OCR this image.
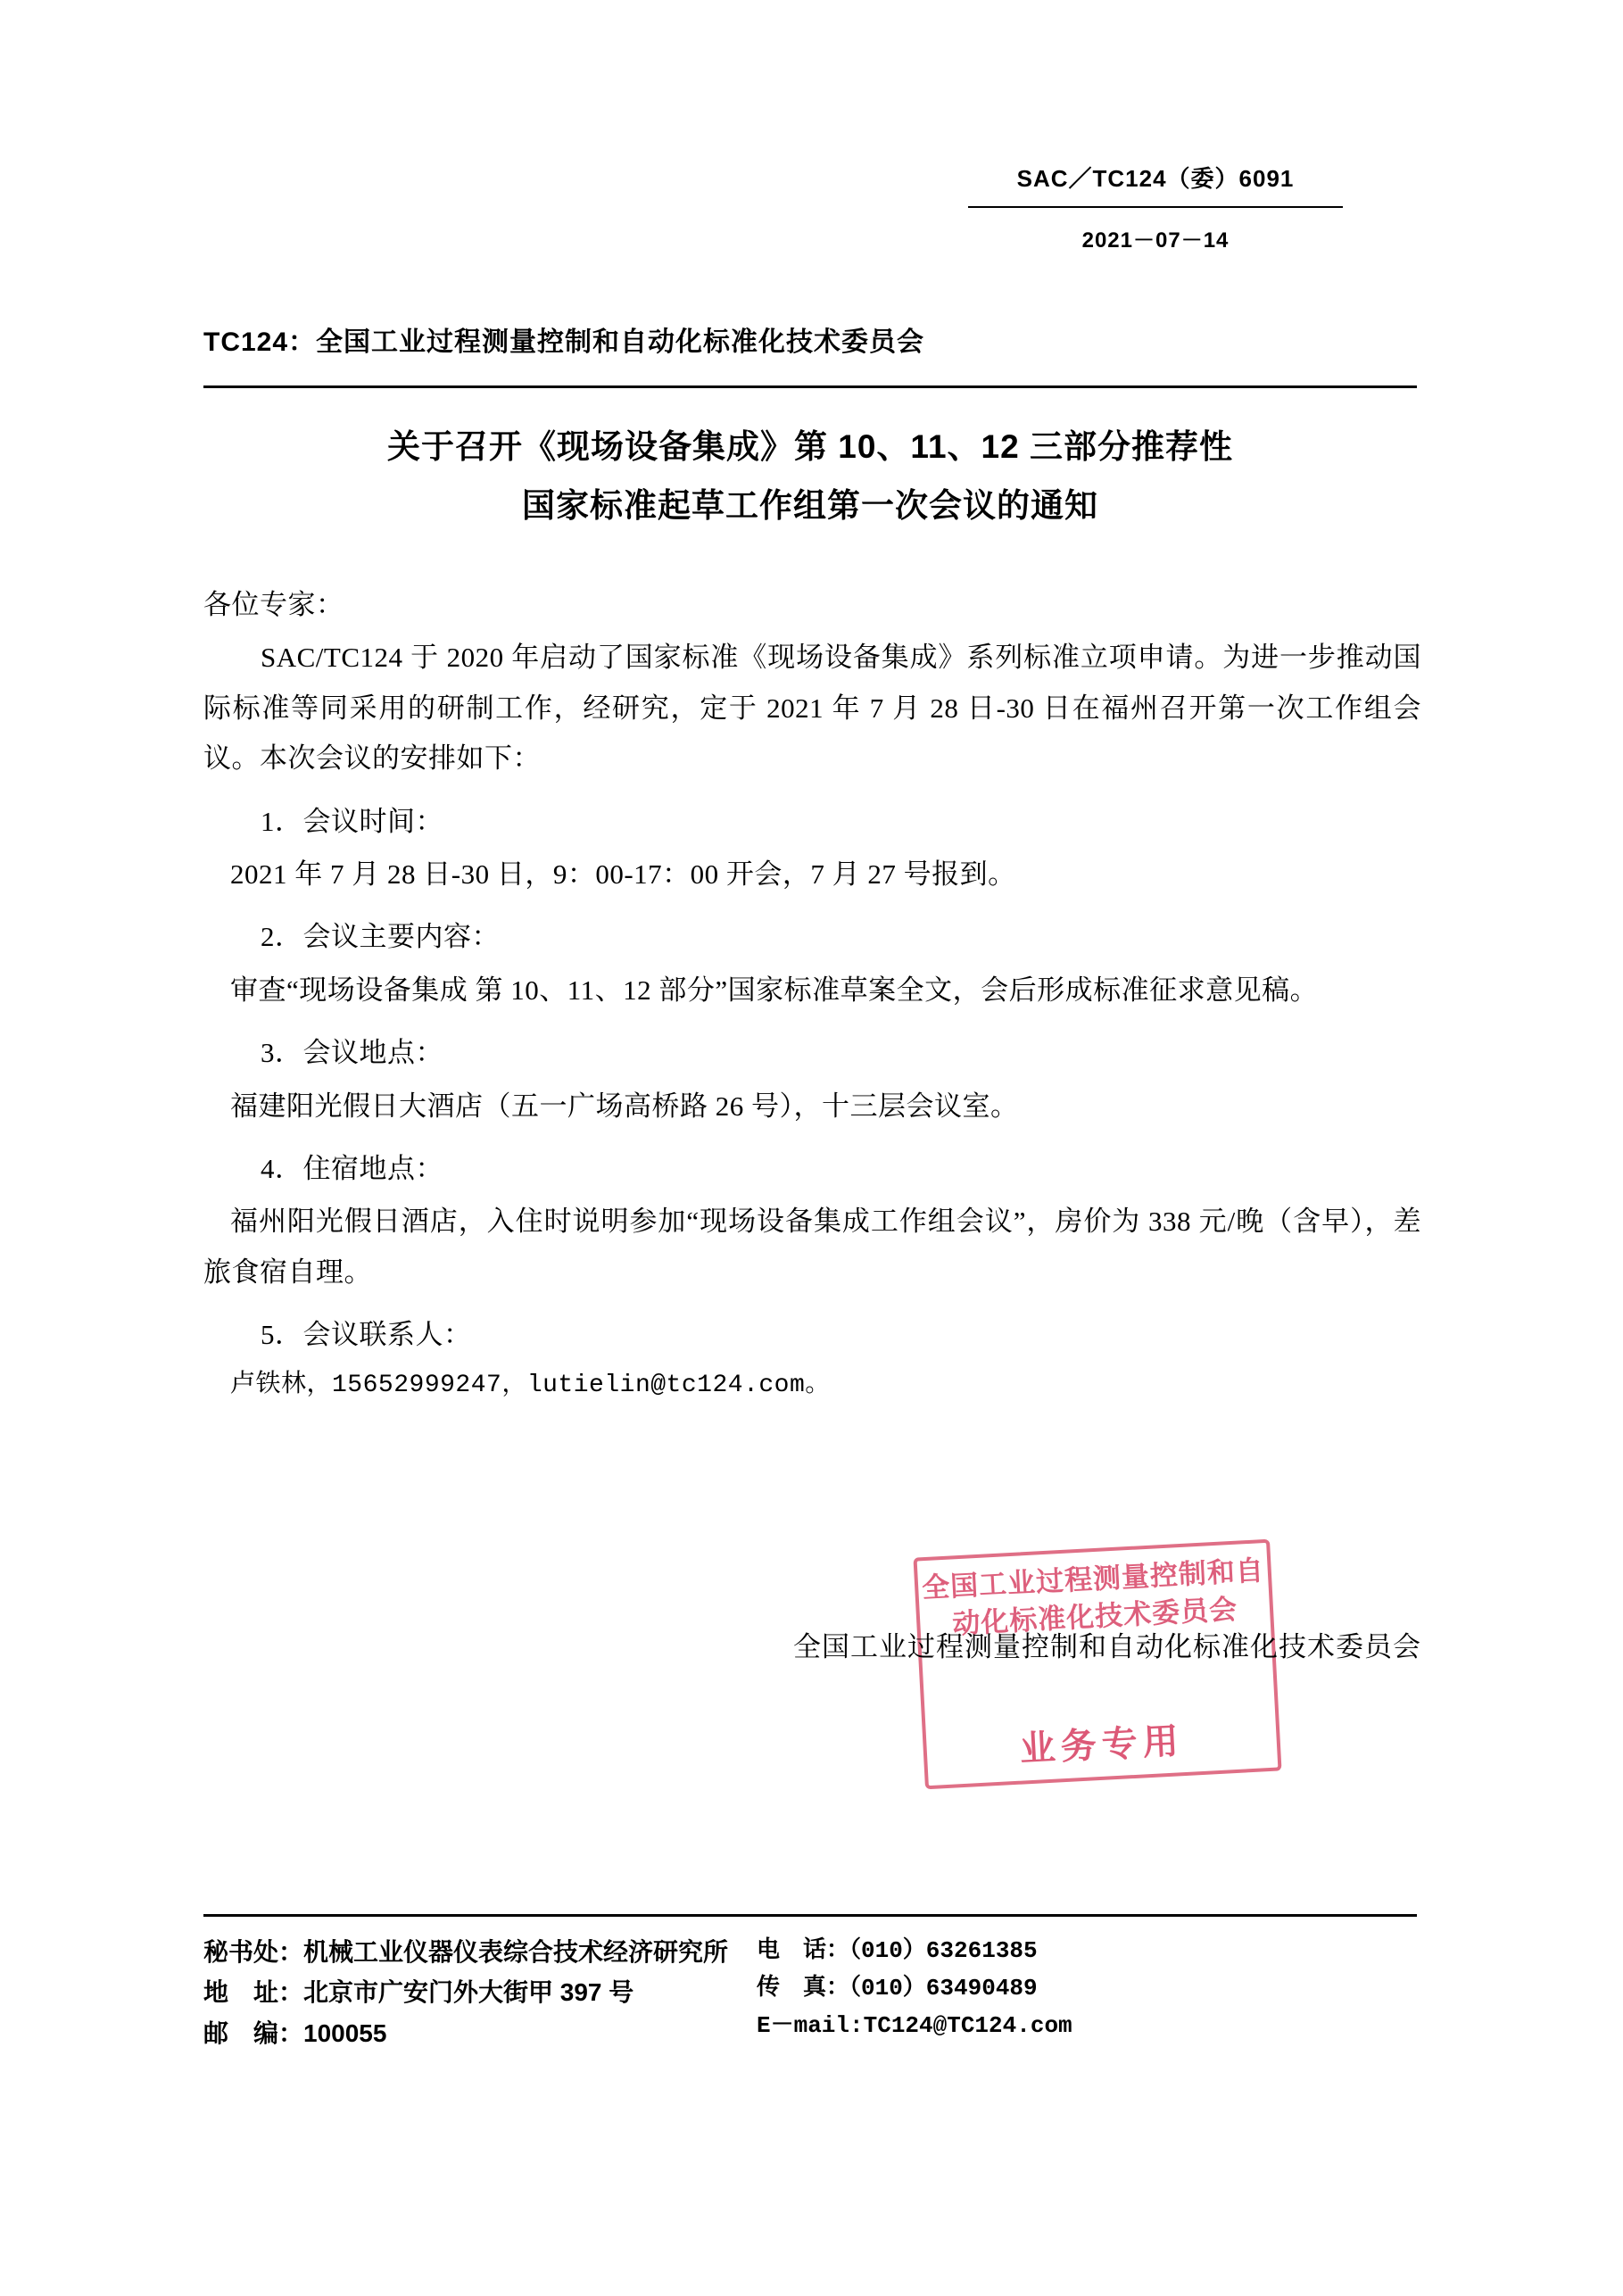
SAC／TC124（委）6091
2021－07－14
TC124：全国工业过程测量控制和自动化标准化技术委员会
关于召开《现场设备集成》第 10、11、12 三部分推荐性
国家标准起草工作组第一次会议的通知

各位专家：

SAC/TC124 于 2020 年启动了国家标准《现场设备集成》系列标准立项申请。为进一步推动国际标准等同采用的研制工作，经研究，定于 2021 年 7 月 28 日-30 日在福州召开第一次工作组会议。本次会议的安排如下：

1．会议时间：

2021 年 7 月 28 日-30 日，9：00-17：00 开会，7 月 27 号报到。

2．会议主要内容：

审查“现场设备集成 第 10、11、12 部分”国家标准草案全文，会后形成标准征求意见稿。

3．会议地点：

福建阳光假日大酒店（五一广场高桥路 26 号），十三层会议室。

4．住宿地点：

福州阳光假日酒店，入住时说明参加“现场设备集成工作组会议”，房价为 338 元/晚（含早），差旅食宿自理。

5．会议联系人：

卢铁林，15652999247，lutielin@tc124.com。

全国工业过程测量控制和自动化标准化技术委员会
业务专用
全国工业过程测量控制和自动化标准化技术委员会
秘书处：机械工业仪器仪表综合技术经济研究所
地　址：北京市广安门外大街甲 397 号
邮　编：100055
电　话：（010）63261385
传　真：（010）63490489
E－mail:TC124@TC124.com
